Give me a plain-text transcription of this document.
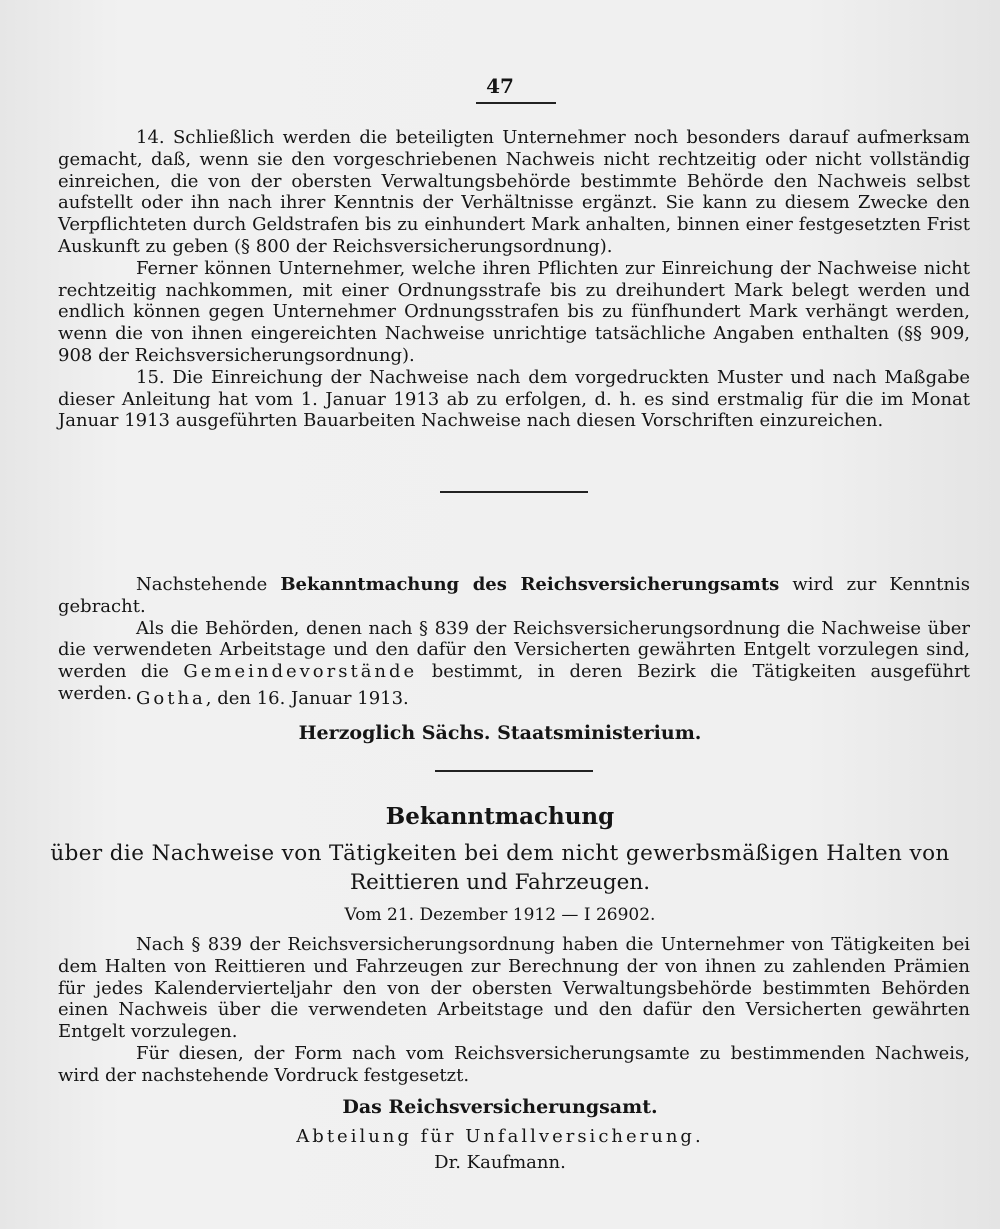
47

14. Schließlich werden die beteiligten Unternehmer noch besonders darauf aufmerksam gemacht, daß, wenn sie den vorgeschriebenen Nachweis nicht rechtzeitig oder nicht vollständig einreichen, die von der obersten Verwaltungsbehörde bestimmte Behörde den Nachweis selbst aufstellt oder ihn nach ihrer Kenntnis der Verhältnisse ergänzt. Sie kann zu diesem Zwecke den Verpflichteten durch Geldstrafen bis zu einhundert Mark anhalten, binnen einer festgesetzten Frist Auskunft zu geben (§ 800 der Reichsversicherungsordnung).

Ferner können Unternehmer, welche ihren Pflichten zur Einreichung der Nachweise nicht rechtzeitig nachkommen, mit einer Ordnungsstrafe bis zu dreihundert Mark belegt werden und endlich können gegen Unternehmer Ordnungsstrafen bis zu fünfhundert Mark verhängt werden, wenn die von ihnen eingereichten Nachweise unrichtige tatsächliche Angaben enthalten (§§ 909, 908 der Reichsversicherungsordnung).

15. Die Einreichung der Nachweise nach dem vorgedruckten Muster und nach Maßgabe dieser Anleitung hat vom 1. Januar 1913 ab zu erfolgen, d. h. es sind erstmalig für die im Monat Januar 1913 ausgeführten Bauarbeiten Nachweise nach diesen Vorschriften einzureichen.

Nachstehende Bekanntmachung des Reichsversicherungsamts wird zur Kenntnis gebracht.

Als die Behörden, denen nach § 839 der Reichsversicherungsordnung die Nachweise über die verwendeten Arbeitstage und den dafür den Versicherten gewährten Entgelt vorzulegen sind, werden die Gemeindevorstände bestimmt, in deren Bezirk die Tätigkeiten ausgeführt werden. Gotha, den 16. Januar 1913.
Herzoglich Sächs. Staatsministerium.
Bekanntmachung
über die Nachweise von Tätigkeiten bei dem nicht gewerbsmäßigen Halten von
Reittieren und Fahrzeugen.
Vom 21. Dezember 1912 — I 26902.

Nach § 839 der Reichsversicherungsordnung haben die Unternehmer von Tätigkeiten bei dem Halten von Reittieren und Fahrzeugen zur Berechnung der von ihnen zu zahlenden Prämien für jedes Kalendervierteljahr den von der obersten Verwaltungsbehörde bestimmten Behörden einen Nachweis über die verwendeten Arbeitstage und den dafür den Versicherten gewährten Entgelt vorzulegen.

Für diesen, der Form nach vom Reichsversicherungsamte zu bestimmenden Nachweis, wird der nachstehende Vordruck festgesetzt.

Das Reichsversicherungsamt.
Abteilung für Unfallversicherung.
Dr. Kaufmann.
